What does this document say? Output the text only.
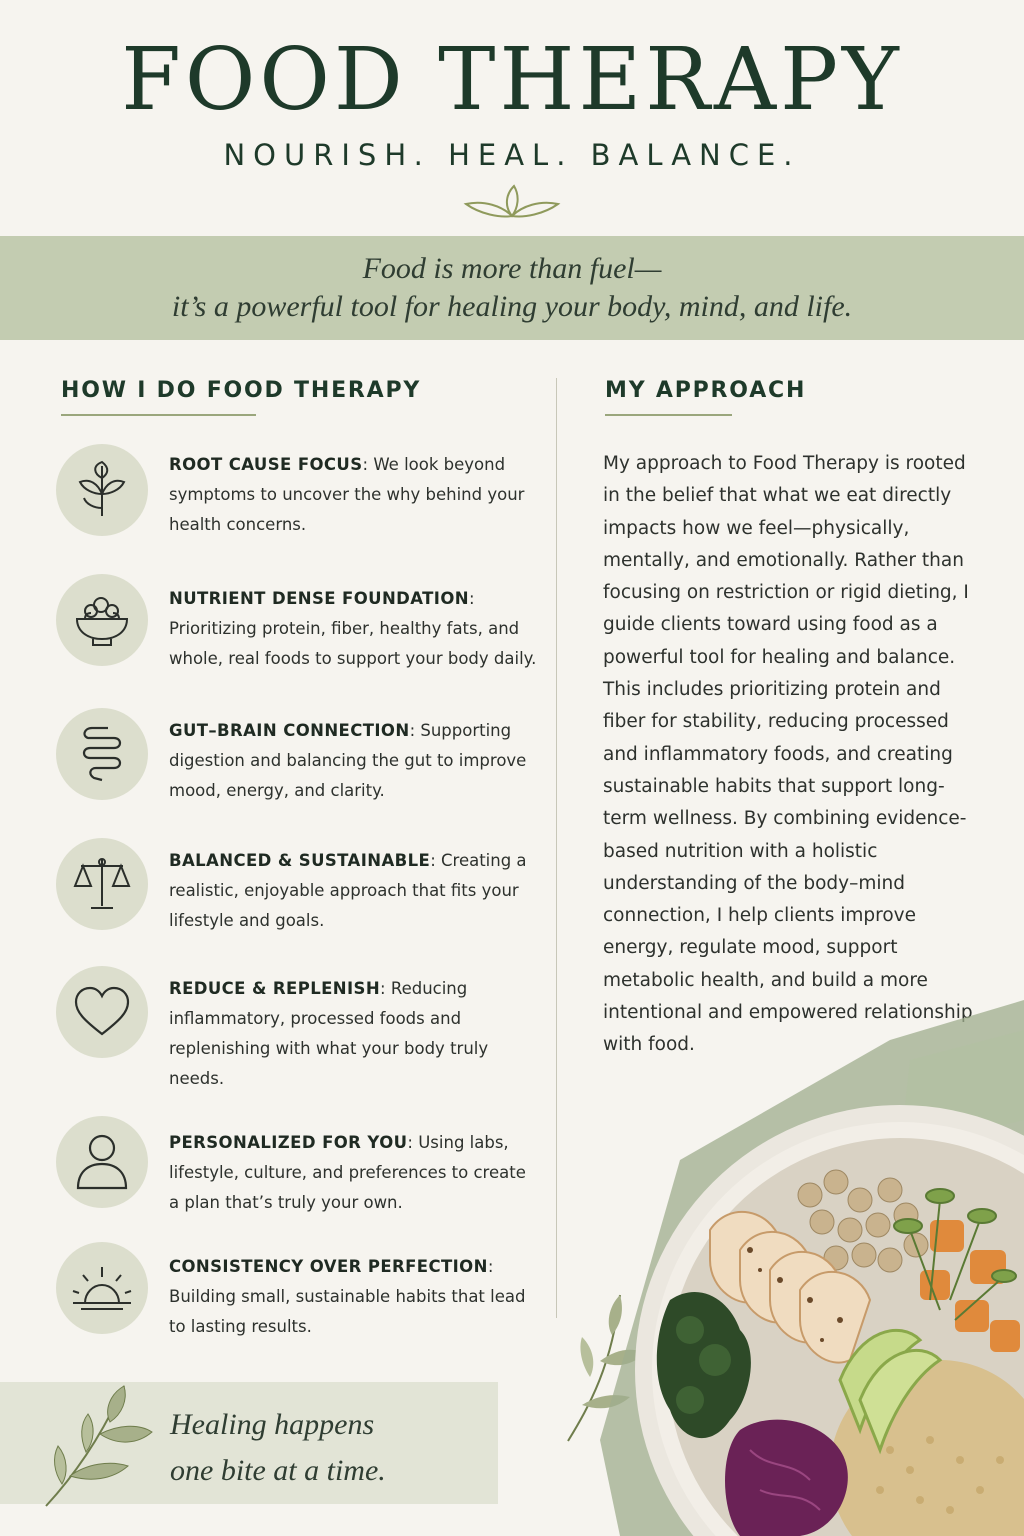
FOOD THERAPY
NOURISH. HEAL. BALANCE.
Food is more than fuel—
it’s a powerful tool for healing your body, mind, and life.
HOW I DO FOOD THERAPY	MY APPROACH
ROOT CAUSE FOCUS: We look beyond symptoms to uncover the why behind your health concerns.
NUTRIENT DENSE FOUNDATION: Prioritizing protein, fiber, healthy fats, and whole, real foods to support your body daily.
GUT–BRAIN CONNECTION: Supporting digestion and balancing the gut to improve mood, energy, and clarity.
BALANCED & SUSTAINABLE: Creating a realistic, enjoyable approach that fits your lifestyle and goals.
REDUCE & REPLENISH: Reducing inflammatory, processed foods and replenishing with what your body truly needs.
PERSONALIZED FOR YOU: Using labs, lifestyle, culture, and preferences to create a plan that’s truly your own.
CONSISTENCY OVER PERFECTION: Building small, sustainable habits that lead to lasting results.
My approach to Food Therapy is rooted in the belief that what we eat directly impacts how we feel—physically, mentally, and emotionally. Rather than focusing on restriction or rigid dieting, I guide clients toward using food as a powerful tool for healing and balance. This includes prioritizing protein and fiber for stability, reducing processed and inflammatory foods, and creating sustainable habits that support long-term wellness. By combining evidence-based nutrition with a holistic understanding of the body–mind connection, I help clients improve energy, regulate mood, support metabolic health, and build a more intentional and empowered relationship with food.
Healing happens
one bite at a time.
